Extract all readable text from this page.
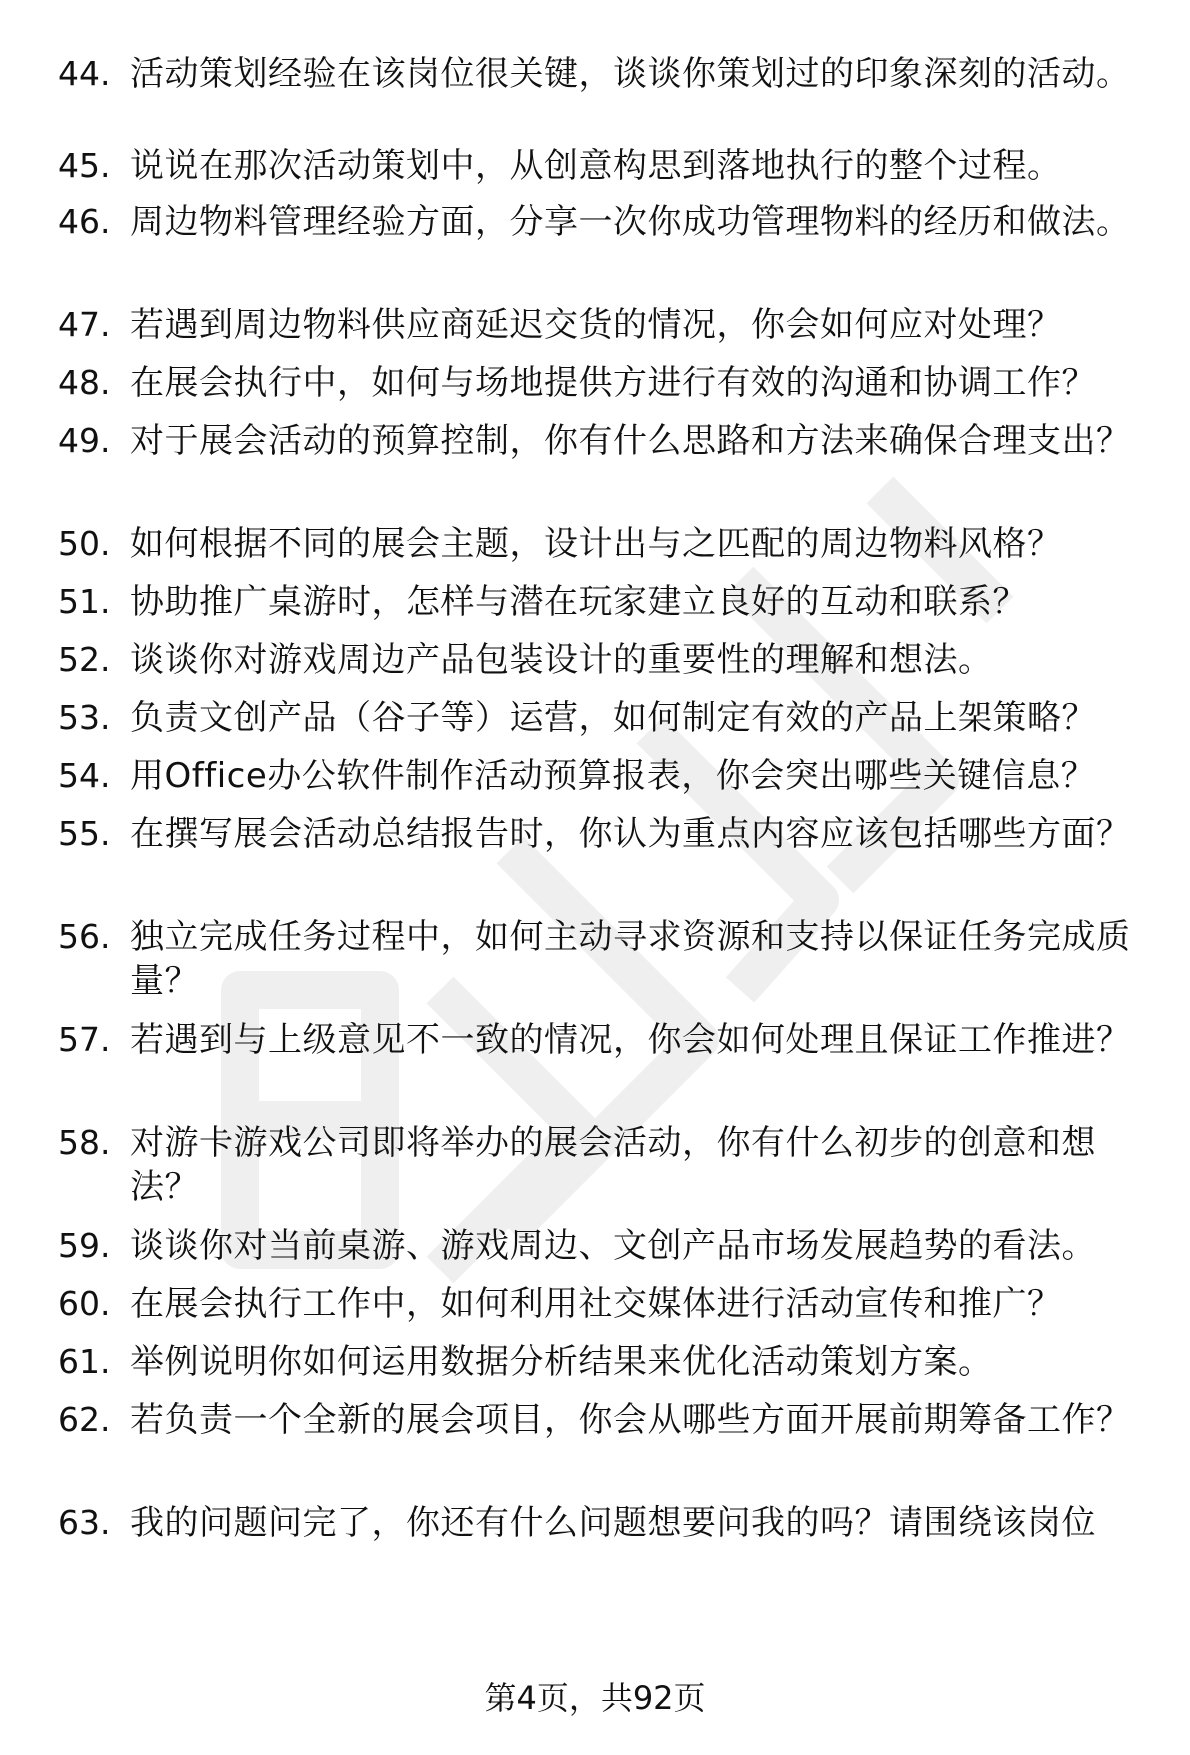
44. 活动策划经验在该岗位很关键，谈谈你策划过的印象深刻的活动。
45. 说说在那次活动策划中，从创意构思到落地执行的整个过程。
46. 周边物料管理经验方面，分享一次你成功管理物料的经历和做法。
47. 若遇到周边物料供应商延迟交货的情况，你会如何应对处理？
48. 在展会执行中，如何与场地提供方进行有效的沟通和协调工作？
49. 对于展会活动的预算控制，你有什么思路和方法来确保合理支出？
50. 如何根据不同的展会主题，设计出与之匹配的周边物料风格？
51. 协助推广桌游时，怎样与潜在玩家建立良好的互动和联系？
52. 谈谈你对游戏周边产品包装设计的重要性的理解和想法。
53. 负责文创产品（谷子等）运营，如何制定有效的产品上架策略？
54. 用Office办公软件制作活动预算报表，你会突出哪些关键信息？
55. 在撰写展会活动总结报告时，你认为重点内容应该包括哪些方面？
56. 独立完成任务过程中，如何主动寻求资源和支持以保证任务完成质量？
57. 若遇到与上级意见不一致的情况，你会如何处理且保证工作推进？
58. 对游卡游戏公司即将举办的展会活动，你有什么初步的创意和想法？
59. 谈谈你对当前桌游、游戏周边、文创产品市场发展趋势的看法。
60. 在展会执行工作中，如何利用社交媒体进行活动宣传和推广？
61. 举例说明你如何运用数据分析结果来优化活动策划方案。
62. 若负责一个全新的展会项目，你会从哪些方面开展前期筹备工作？
63. 我的问题问完了，你还有什么问题想要问我的吗？请围绕该岗位
第4页，共92页
